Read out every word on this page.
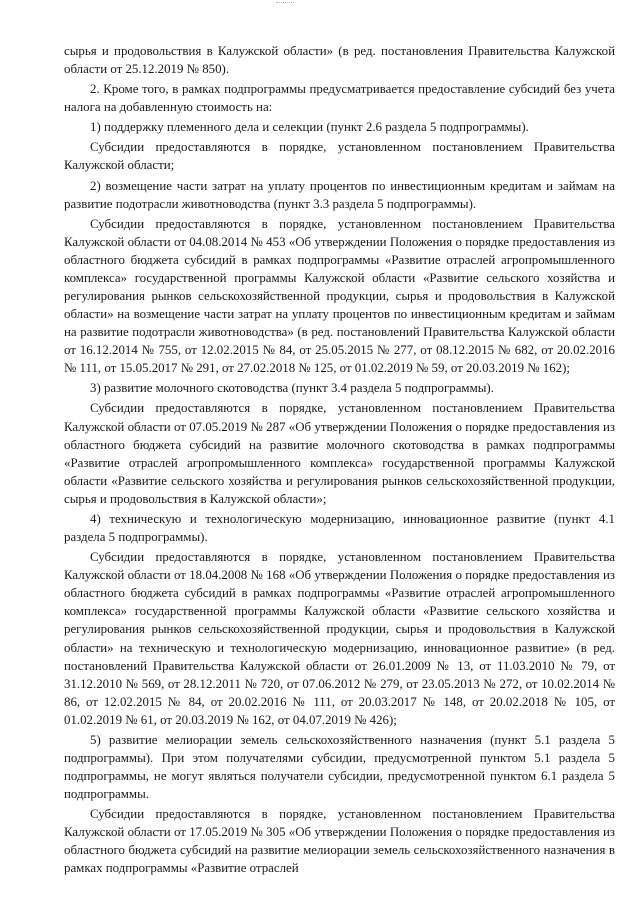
сырья и продовольствия в Калужской области» (в ред. постановления Правительства Калужской области от 25.12.2019 № 850).

2. Кроме того, в рамках подпрограммы предусматривается предоставление субсидий без учета налога на добавленную стоимость на:

1) поддержку племенного дела и селекции (пункт 2.6 раздела 5 подпрограммы).

Субсидии предоставляются в порядке, установленном постановлением Правительства Калужской области;

2) возмещение части затрат на уплату процентов по инвестиционным кредитам и займам на развитие подотрасли животноводства (пункт 3.3 раздела 5 подпрограммы).

Субсидии предоставляются в порядке, установленном постановлением Правительства Калужской области от 04.08.2014 № 453 «Об утверждении Положения о порядке предоставления из областного бюджета субсидий в рамках подпрограммы «Развитие отраслей агропромышленного комплекса» государственной программы Калужской области «Развитие сельского хозяйства и регулирования рынков сельскохозяйственной продукции, сырья и продовольствия в Калужской области» на возмещение части затрат на уплату процентов по инвестиционным кредитам и займам на развитие подотрасли животноводства» (в ред. постановлений Правительства Калужской области от 16.12.2014 № 755, от 12.02.2015 № 84, от 25.05.2015 № 277, от 08.12.2015 № 682, от 20.02.2016 № 111, от 15.05.2017 № 291, от 27.02.2018 № 125, от 01.02.2019 № 59, от 20.03.2019 № 162);

3) развитие молочного скотоводства (пункт 3.4 раздела 5 подпрограммы).

Субсидии предоставляются в порядке, установленном постановлением Правительства Калужской области от 07.05.2019 № 287 «Об утверждении Положения о порядке предоставления из областного бюджета субсидий на развитие молочного скотоводства в рамках подпрограммы «Развитие отраслей агропромышленного комплекса» государственной программы Калужской области «Развитие сельского хозяйства и регулирования рынков сельскохозяйственной продукции, сырья и продовольствия в Калужской области»;

4) техническую и технологическую модернизацию, инновационное развитие (пункт 4.1 раздела 5 подпрограммы).

Субсидии предоставляются в порядке, установленном постановлением Правительства Калужской области от 18.04.2008 № 168 «Об утверждении Положения о порядке предоставления из областного бюджета субсидий в рамках подпрограммы «Развитие отраслей агропромышленного комплекса» государственной программы Калужской области «Развитие сельского хозяйства и регулирования рынков сельскохозяйственной продукции, сырья и продовольствия в Калужской области» на техническую и технологическую модернизацию, инновационное развитие» (в ред. постановлений Правительства Калужской области от 26.01.2009 № 13, от 11.03.2010 № 79, от 31.12.2010 № 569, от 28.12.2011 № 720, от 07.06.2012 № 279, от 23.05.2013 № 272, от 10.02.2014 № 86, от 12.02.2015 № 84, от 20.02.2016 № 111, от 20.03.2017 № 148, от 20.02.2018 № 105, от 01.02.2019 № 61, от 20.03.2019 № 162, от 04.07.2019 № 426);

5) развитие мелиорации земель сельскохозяйственного назначения (пункт 5.1 раздела 5 подпрограммы). При этом получателями субсидии, предусмотренной пунктом 5.1 раздела 5 подпрограммы, не могут являться получатели субсидии, предусмотренной пунктом 6.1 раздела 5 подпрограммы.

Субсидии предоставляются в порядке, установленном постановлением Правительства Калужской области от 17.05.2019 № 305 «Об утверждении Положения о порядке предоставления из областного бюджета субсидий на развитие мелиорации земель сельскохозяйственного назначения в рамках подпрограммы «Развитие отраслей
